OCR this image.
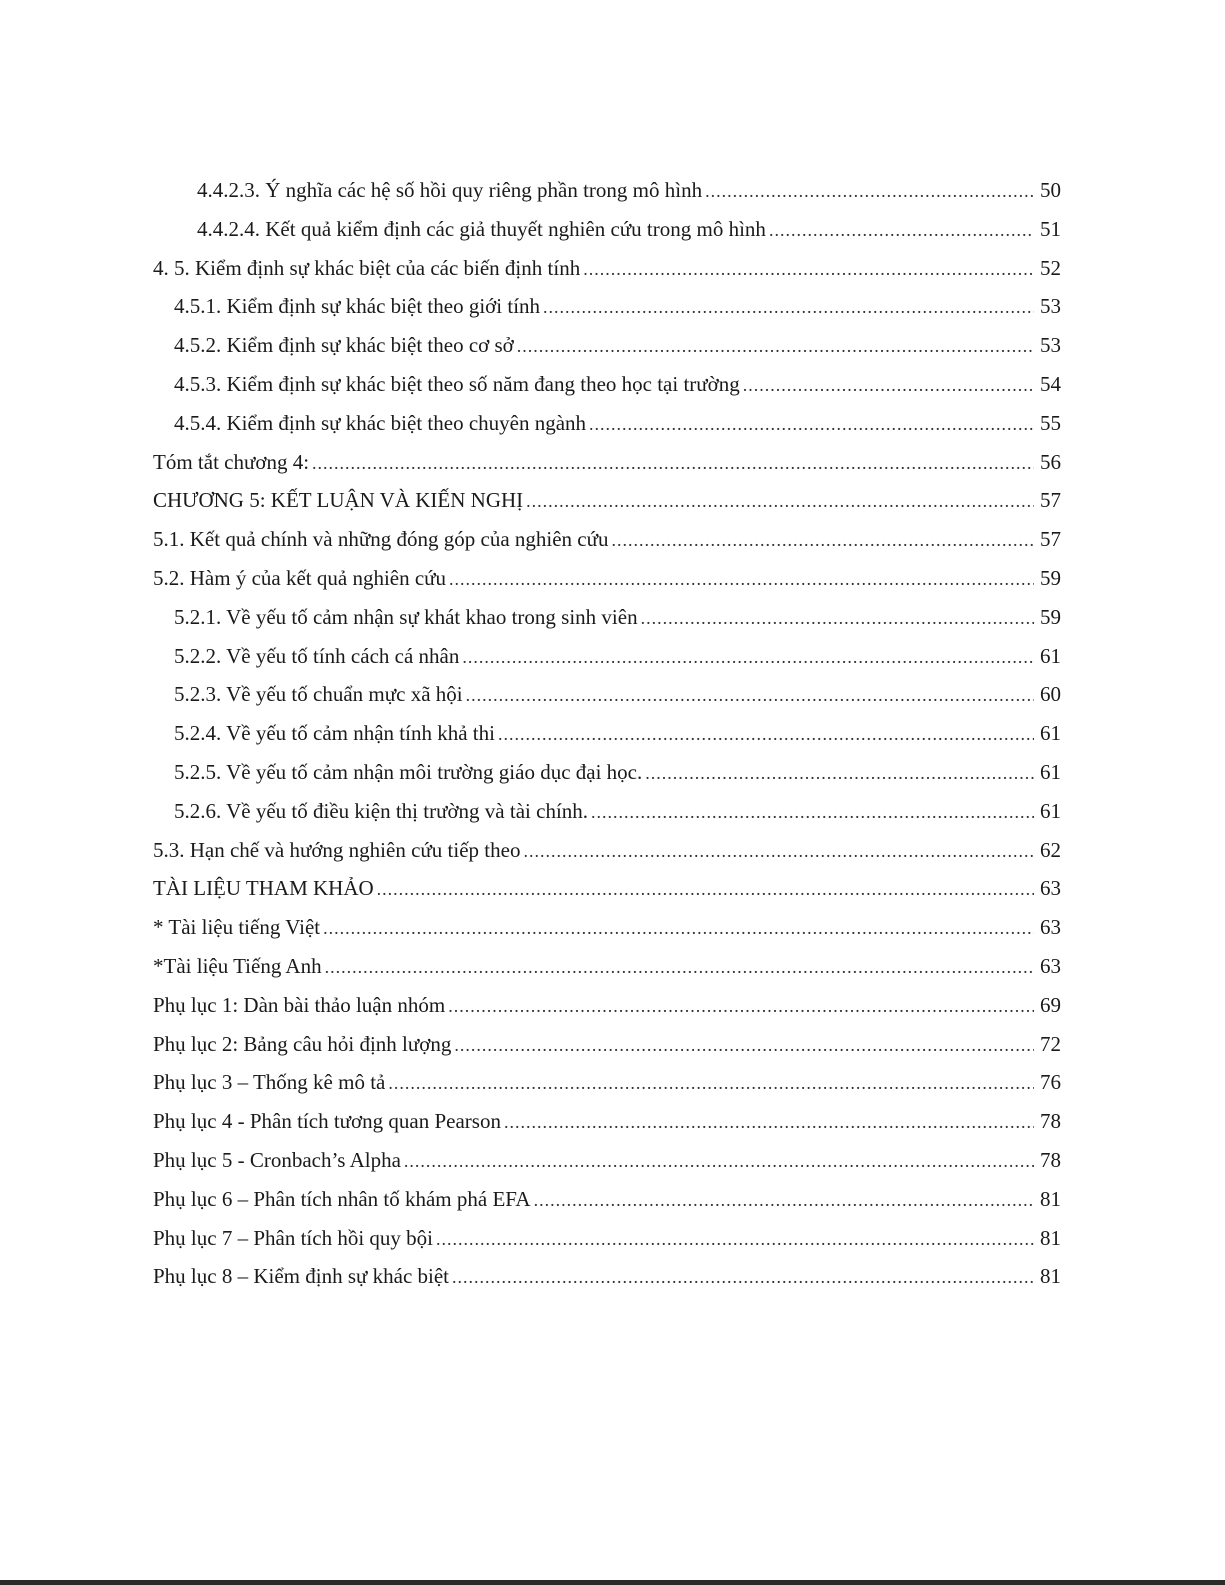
4.4.2.3. Ý nghĩa các hệ số hồi quy riêng phần trong mô hình .....	50
4.4.2.4. Kết quả kiểm định các giả thuyết nghiên cứu trong mô hình .....	51
4. 5. Kiểm định sự khác biệt của các biến định tính .....	52
4.5.1. Kiểm định sự khác biệt theo giới tính .....	53
4.5.2. Kiểm định sự khác biệt theo cơ sở .....	53
4.5.3. Kiểm định sự khác biệt theo số năm đang theo học tại trường .....	54
4.5.4. Kiểm định sự khác biệt theo chuyên ngành .....	55
Tóm tắt chương 4: .....	56
CHƯƠNG 5: KẾT LUẬN VÀ KIẾN NGHỊ .....	57
5.1. Kết quả chính và những đóng góp của nghiên cứu .....	57
5.2. Hàm ý của kết quả nghiên cứu .....	59
5.2.1. Về yếu tố cảm nhận sự khát khao trong sinh viên .....	59
5.2.2. Về yếu tố tính cách cá nhân .....	61
5.2.3. Về yếu tố chuẩn mực xã hội .....	60
5.2.4. Về yếu tố cảm nhận tính khả thi .....	61
5.2.5. Về yếu tố cảm nhận môi trường giáo dục đại học. .....	61
5.2.6. Về yếu tố điều kiện thị trường và tài chính. .....	61
5.3. Hạn chế và hướng nghiên cứu tiếp theo .....	62
TÀI LIỆU THAM KHẢO .....	63
* Tài liệu tiếng Việt .....	63
*Tài liệu Tiếng Anh .....	63
Phụ lục 1: Dàn bài thảo luận nhóm .....	69
Phụ lục 2: Bảng câu hỏi định lượng .....	72
Phụ lục 3 – Thống kê mô tả .....	76
Phụ lục 4 - Phân tích tương quan Pearson .....	78
Phụ lục 5 - Cronbach’s Alpha .....	78
Phụ lục 6 – Phân tích nhân tố khám phá EFA .....	81
Phụ lục 7 – Phân tích hồi quy bội .....	81
Phụ lục 8 – Kiểm định sự khác biệt .....	81
